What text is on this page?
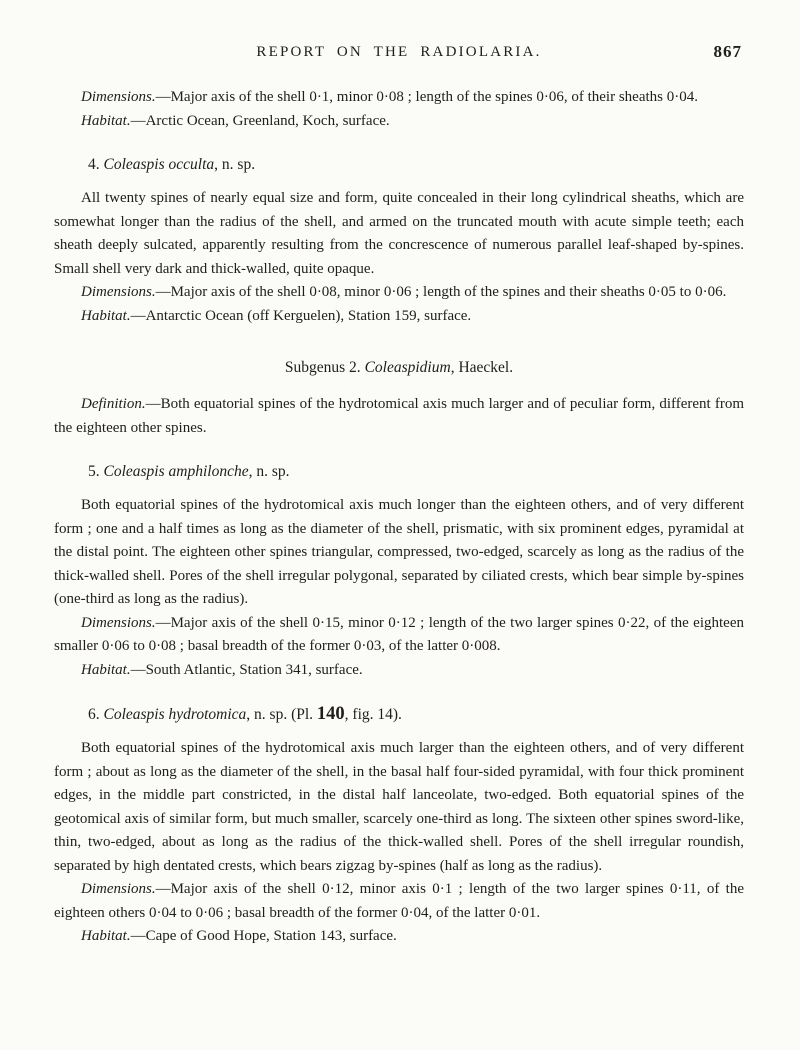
REPORT ON THE RADIOLARIA.	867

Dimensions.—Major axis of the shell 0·1, minor 0·08 ; length of the spines 0·06, of their sheaths 0·04.

Habitat.—Arctic Ocean, Greenland, Koch, surface.

4. Coleaspis occulta, n. sp.

All twenty spines of nearly equal size and form, quite concealed in their long cylindrical sheaths, which are somewhat longer than the radius of the shell, and armed on the truncated mouth with acute simple teeth; each sheath deeply sulcated, apparently resulting from the concrescence of numerous parallel leaf-shaped by-spines. Small shell very dark and thick-walled, quite opaque.

Dimensions.—Major axis of the shell 0·08, minor 0·06 ; length of the spines and their sheaths 0·05 to 0·06.

Habitat.—Antarctic Ocean (off Kerguelen), Station 159, surface.

Subgenus 2. Coleaspidium, Haeckel.

Definition.—Both equatorial spines of the hydrotomical axis much larger and of peculiar form, different from the eighteen other spines.

5. Coleaspis amphilonche, n. sp.

Both equatorial spines of the hydrotomical axis much longer than the eighteen others, and of very different form ; one and a half times as long as the diameter of the shell, prismatic, with six prominent edges, pyramidal at the distal point. The eighteen other spines triangular, compressed, two-edged, scarcely as long as the radius of the thick-walled shell. Pores of the shell irregular polygonal, separated by ciliated crests, which bear simple by-spines (one-third as long as the radius).

Dimensions.—Major axis of the shell 0·15, minor 0·12 ; length of the two larger spines 0·22, of the eighteen smaller 0·06 to 0·08 ; basal breadth of the former 0·03, of the latter 0·008.

Habitat.—South Atlantic, Station 341, surface.

6. Coleaspis hydrotomica, n. sp. (Pl. 140, fig. 14).

Both equatorial spines of the hydrotomical axis much larger than the eighteen others, and of very different form ; about as long as the diameter of the shell, in the basal half four-sided pyramidal, with four thick prominent edges, in the middle part constricted, in the distal half lanceolate, two-edged. Both equatorial spines of the geotomical axis of similar form, but much smaller, scarcely one-third as long. The sixteen other spines sword-like, thin, two-edged, about as long as the radius of the thick-walled shell. Pores of the shell irregular roundish, separated by high dentated crests, which bears zigzag by-spines (half as long as the radius).

Dimensions.—Major axis of the shell 0·12, minor axis 0·1 ; length of the two larger spines 0·11, of the eighteen others 0·04 to 0·06 ; basal breadth of the former 0·04, of the latter 0·01.

Habitat.—Cape of Good Hope, Station 143, surface.
